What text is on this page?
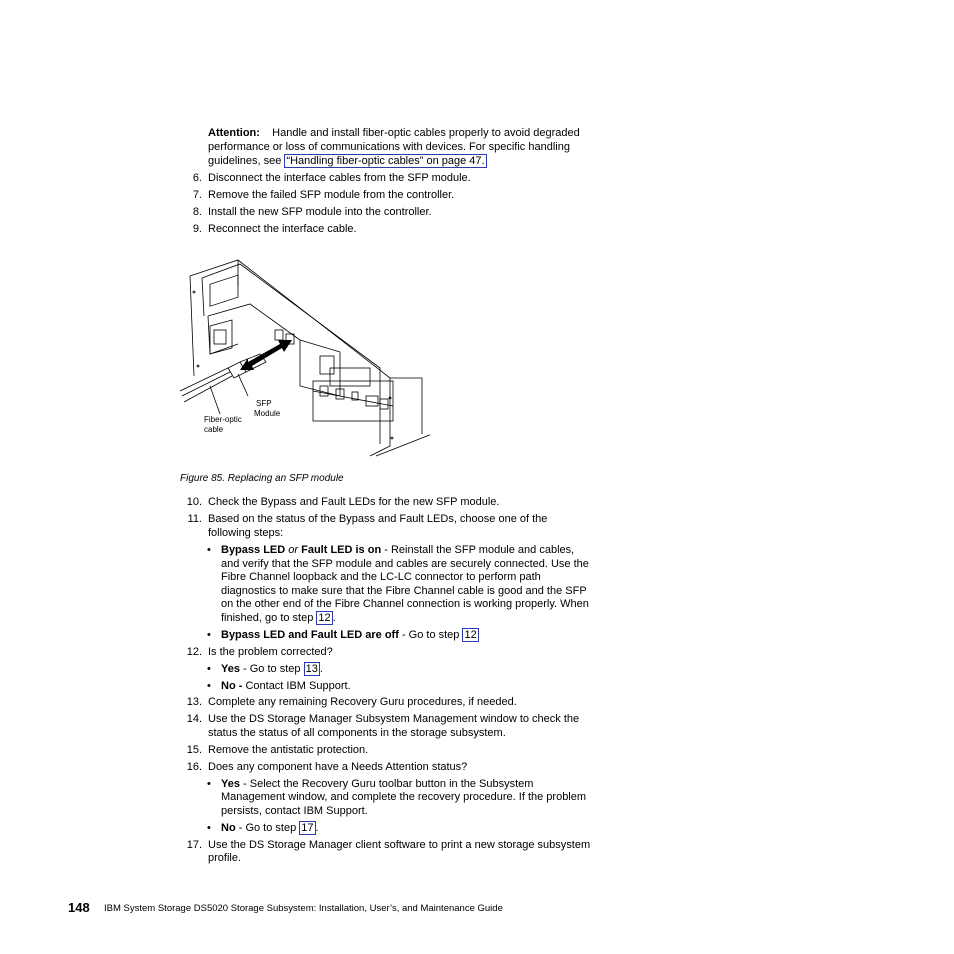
Attention: Handle and install fiber-optic cables properly to avoid degraded
performance or loss of communications with devices. For specific handling
guidelines, see “Handling fiber-optic cables” on page 47.
6. Disconnect the interface cables from the SFP module.
7. Remove the failed SFP module from the controller.
8. Install the new SFP module into the controller.
9. Reconnect the interface cable.
SFP
Module
Fiber-optic
cable
Figure 85. Replacing an SFP module
10. Check the Bypass and Fault LEDs for the new SFP module.
11. Based on the status of the Bypass and Fault LEDs, choose one of the
following steps:
• Bypass LED or Fault LED is on - Reinstall the SFP module and cables,
and verify that the SFP module and cables are securely connected. Use the
Fibre Channel loopback and the LC-LC connector to perform path
diagnostics to make sure that the Fibre Channel cable is good and the SFP
on the other end of the Fibre Channel connection is working properly. When
finished, go to step 12 .
• Bypass LED and Fault LED are off - Go to step 12
12. Is the problem corrected?
• Yes - Go to step 13 .
• No - Contact IBM Support.
13. Complete any remaining Recovery Guru procedures, if needed.
14. Use the DS Storage Manager Subsystem Management window to check the
status the status of all components in the storage subsystem.
15. Remove the antistatic protection.
16. Does any component have a Needs Attention status?
• Yes - Select the Recovery Guru toolbar button in the Subsystem
Management window, and complete the recovery procedure. If the problem
persists, contact IBM Support.
• No - Go to step 17 .
17. Use the DS Storage Manager client software to print a new storage subsystem
profile.
148 IBM System Storage DS5020 Storage Subsystem: Installation, User’s, and Maintenance Guide
